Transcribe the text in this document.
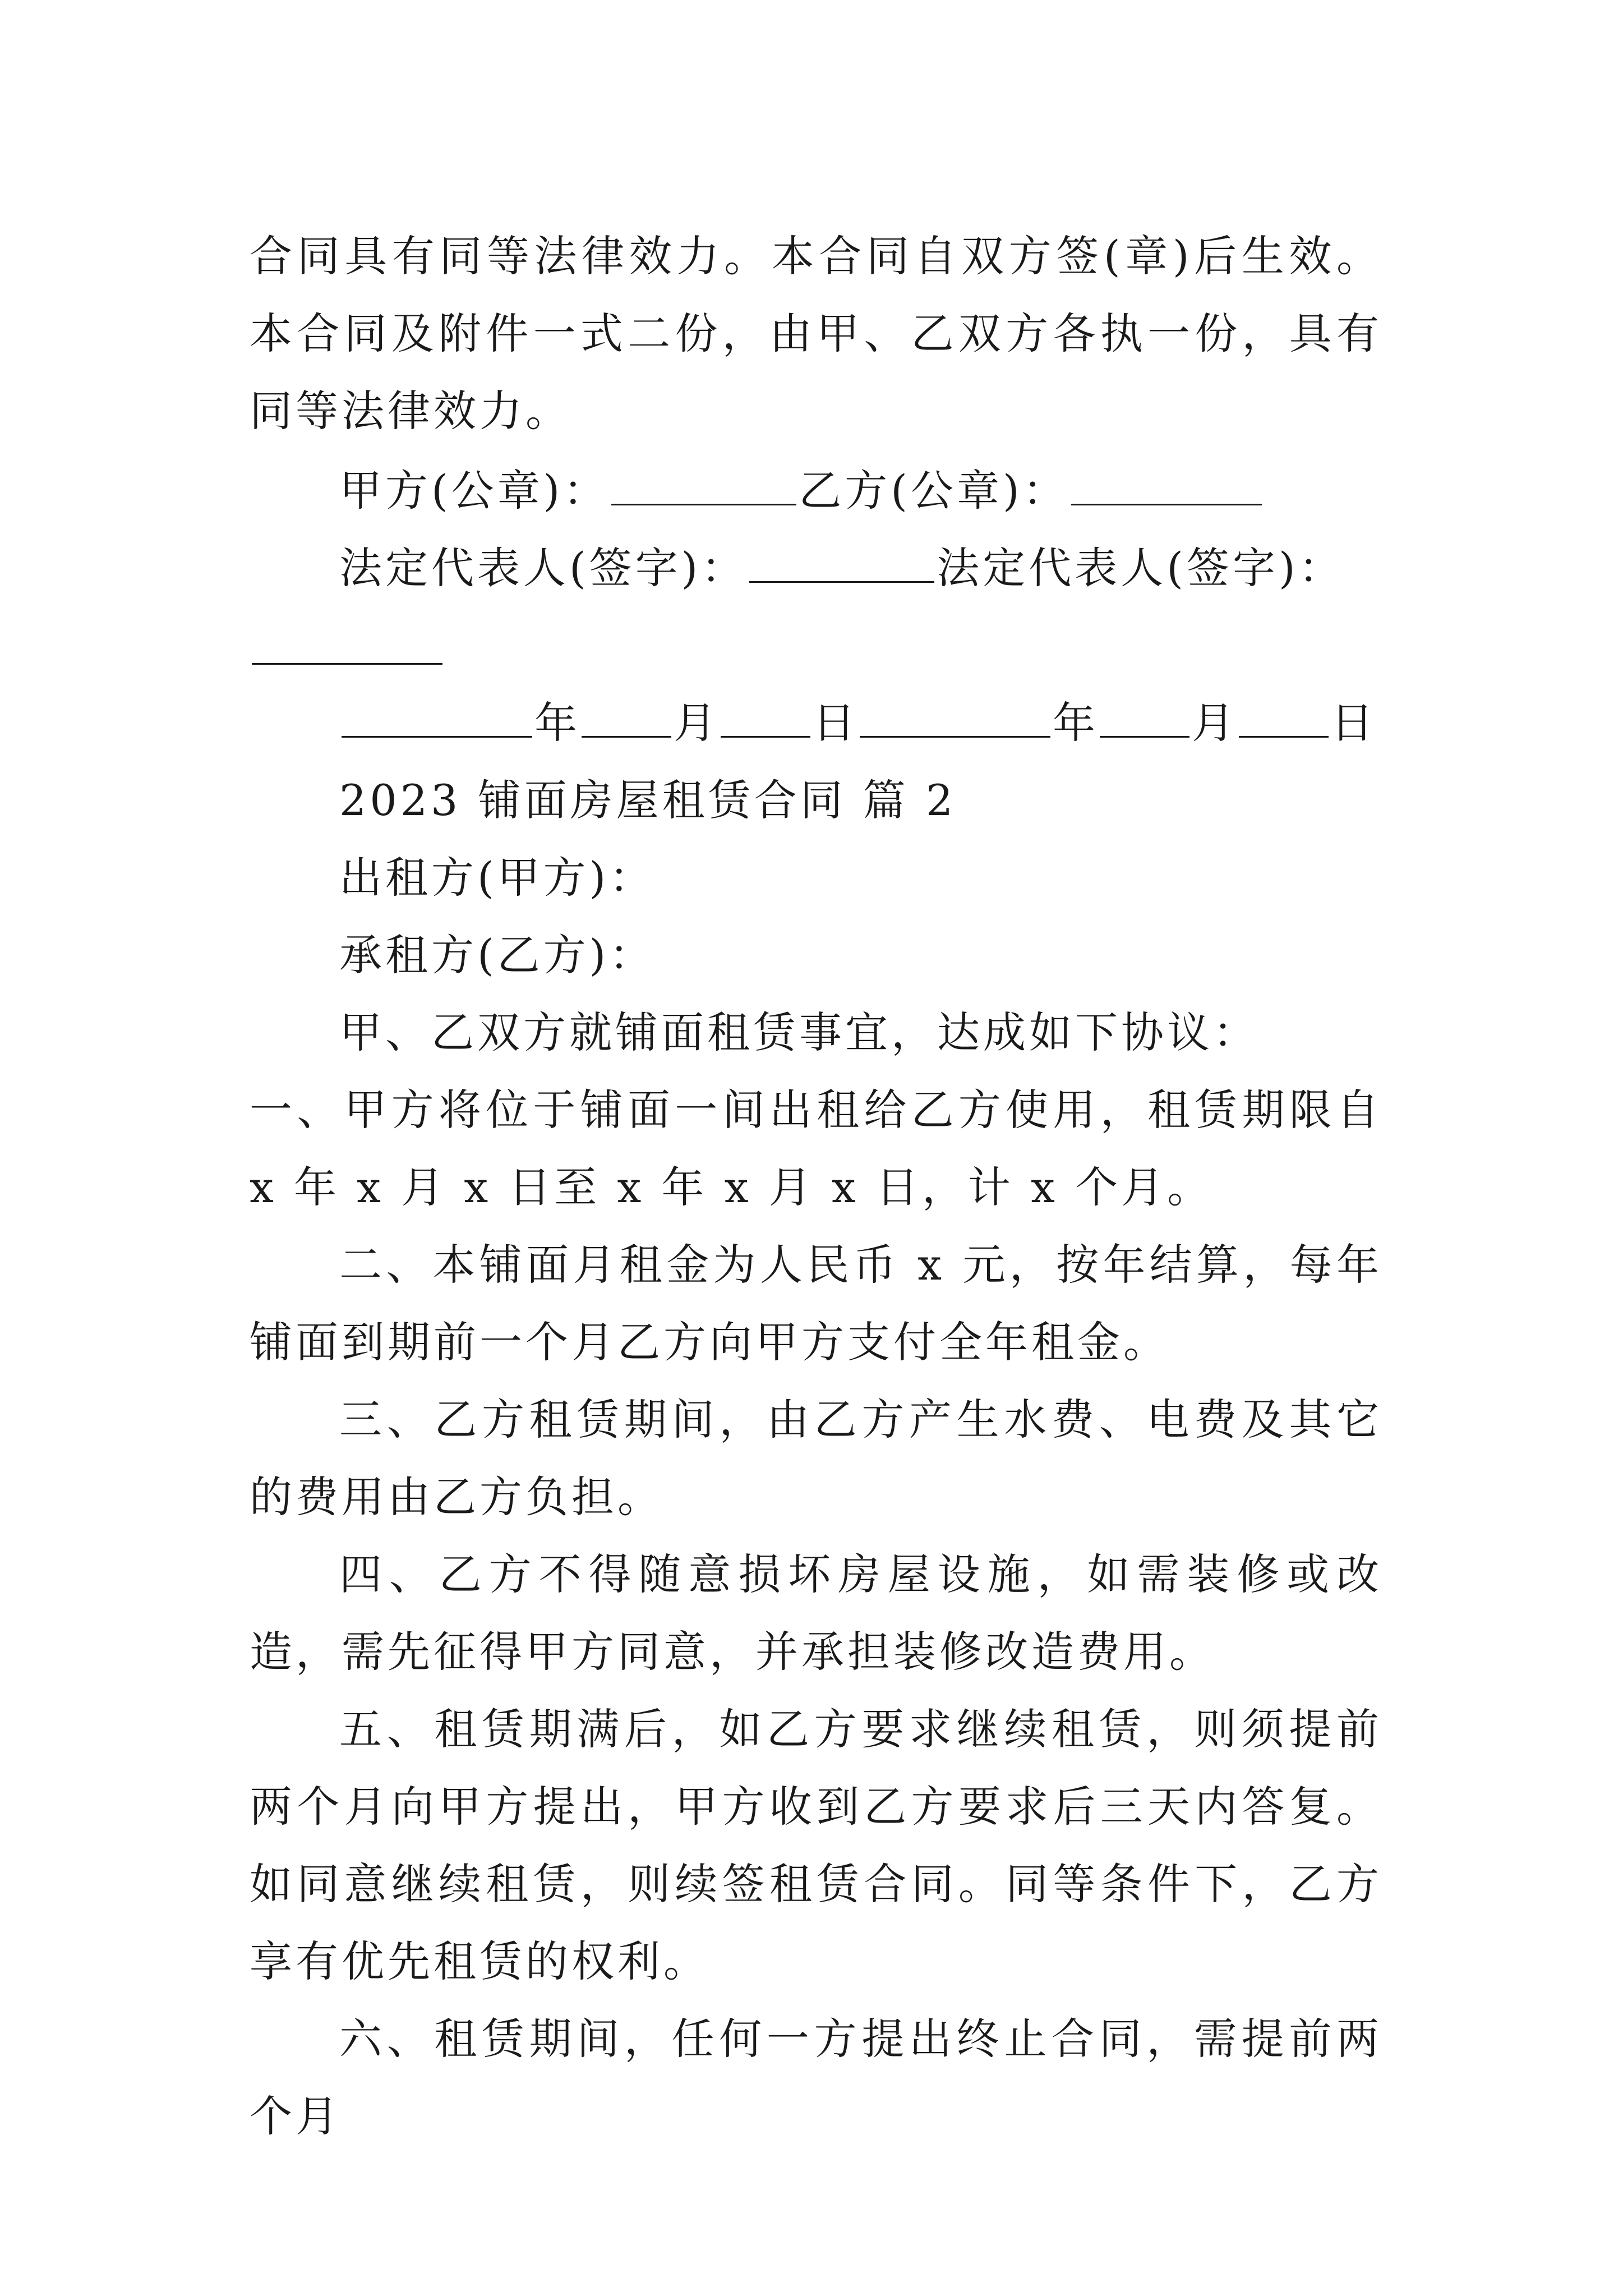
合同具有同等法律效力。本合同自双方签(章)后生效。本合同及附件一式二份，由甲、乙双方各执一份，具有同等法律效力。

甲方(公章)：	乙方(公章)：

法定代表人(签字)：	法定代表人(签字)：

年 月 日	年 月 日

2023 铺面房屋租赁合同 篇 2

出租方(甲方)：

承租方(乙方)：

甲、乙双方就铺面租赁事宜，达成如下协议：

一、甲方将位于铺面一间出租给乙方使用，租赁期限自 x 年 x 月 x 日至 x 年 x 月 x 日，计 x 个月。

二、本铺面月租金为人民币 x 元，按年结算，每年铺面到期前一个月乙方向甲方支付全年租金。

三、乙方租赁期间，由乙方产生水费、电费及其它的费用由乙方负担。

四、乙方不得随意损坏房屋设施，如需装修或改造，需先征得甲方同意，并承担装修改造费用。

五、租赁期满后，如乙方要求继续租赁，则须提前两个月向甲方提出，甲方收到乙方要求后三天内答复。如同意继续租赁，则续签租赁合同。同等条件下，乙方享有优先租赁的权利。

六、租赁期间，任何一方提出终止合同，需提前两个月
